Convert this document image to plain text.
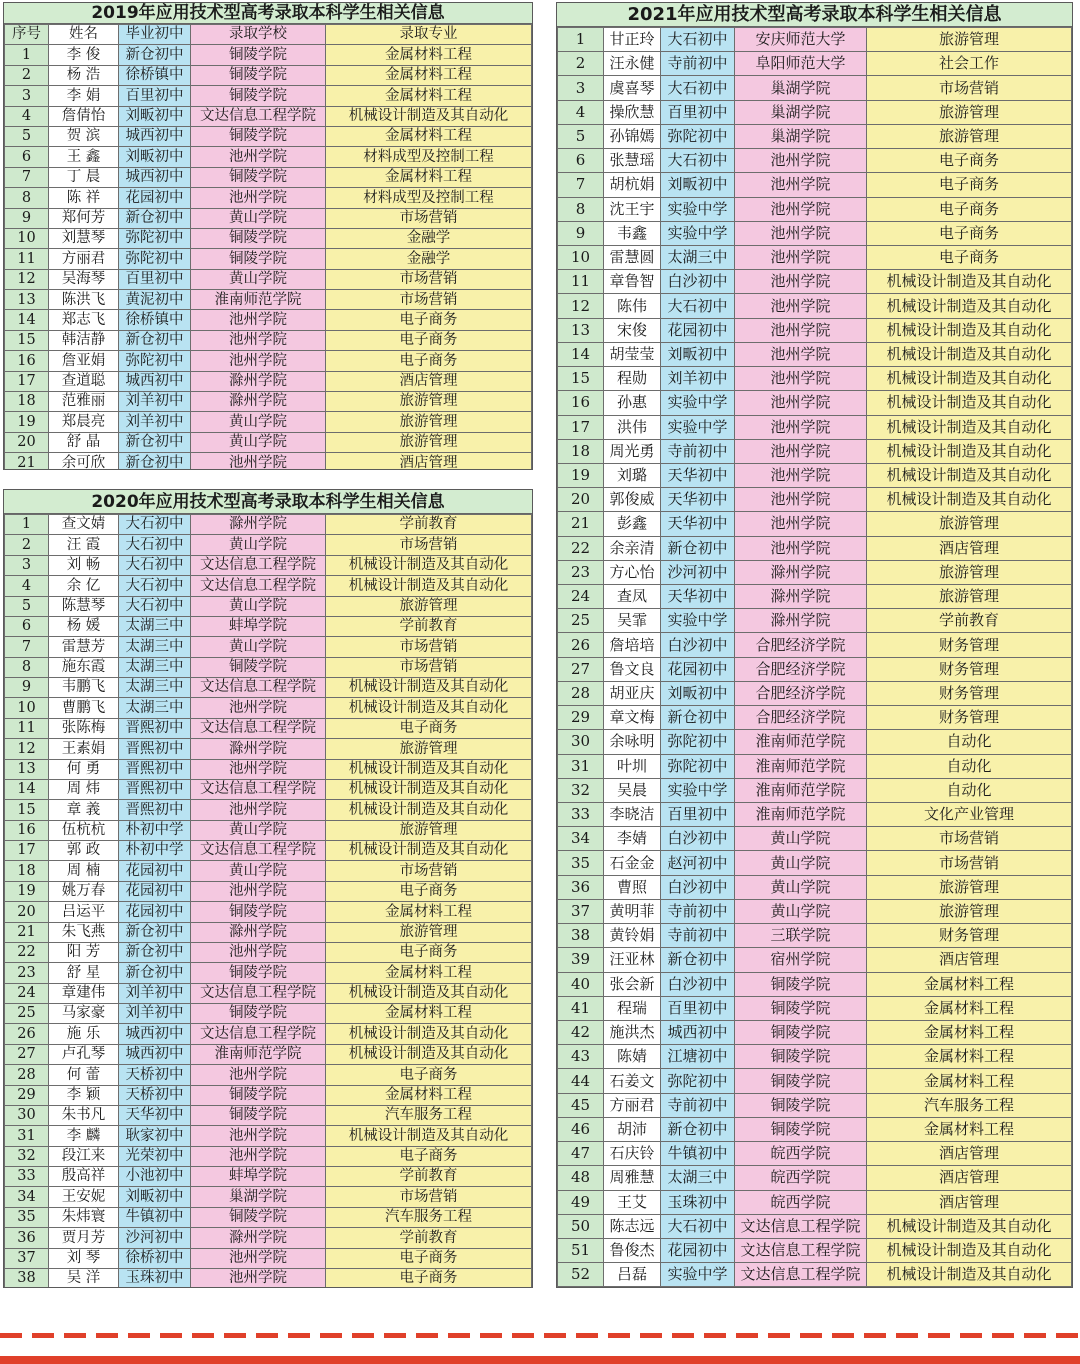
2019年应用技术型高考录取本科学生相关信息
序号	姓名	毕业初中	录取学校	录取专业
1	李 俊	新仓初中	铜陵学院	金属材料工程
2	杨 浩	徐桥镇中	铜陵学院	金属材料工程
3	李 娟	百里初中	铜陵学院	金属材料工程
4	詹倩怡	刘畈初中	文达信息工程学院	机械设计制造及其自动化
5	贺 滨	城西初中	铜陵学院	金属材料工程
6	王 鑫	刘畈初中	池州学院	材料成型及控制工程
7	丁 晨	城西初中	铜陵学院	金属材料工程
8	陈 祥	花园初中	池州学院	材料成型及控制工程
9	郑何芳	新仓初中	黄山学院	市场营销
10	刘慧琴	弥陀初中	铜陵学院	金融学
11	方丽君	弥陀初中	铜陵学院	金融学
12	吴海琴	百里初中	黄山学院	市场营销
13	陈洪飞	黄泥初中	淮南师范学院	市场营销
14	郑志飞	徐桥镇中	池州学院	电子商务
15	韩洁静	新仓初中	池州学院	电子商务
16	詹亚娟	弥陀初中	池州学院	电子商务
17	查道聪	城西初中	滁州学院	酒店管理
18	范雅丽	刘羊初中	滁州学院	旅游管理
19	郑晨亮	刘羊初中	黄山学院	旅游管理
20	舒 晶	新仓初中	黄山学院	旅游管理
21	余可欣	新仓初中	池州学院	酒店管理
2020年应用技术型高考录取本科学生相关信息
1	查文婧	大石初中	滁州学院	学前教育
2	汪 霞	大石初中	黄山学院	市场营销
3	刘 畅	大石初中	文达信息工程学院	机械设计制造及其自动化
4	余 亿	大石初中	文达信息工程学院	机械设计制造及其自动化
5	陈慧琴	大石初中	黄山学院	旅游管理
6	杨 媛	太湖三中	蚌埠学院	学前教育
7	雷慧芳	太湖三中	黄山学院	市场营销
8	施东霞	太湖三中	铜陵学院	市场营销
9	韦鹏飞	太湖三中	文达信息工程学院	机械设计制造及其自动化
10	曹鹏飞	太湖三中	池州学院	机械设计制造及其自动化
11	张陈梅	晋熙初中	文达信息工程学院	电子商务
12	王素娟	晋熙初中	滁州学院	旅游管理
13	何 勇	晋熙初中	池州学院	机械设计制造及其自动化
14	周 炜	晋熙初中	文达信息工程学院	机械设计制造及其自动化
15	章 義	晋熙初中	池州学院	机械设计制造及其自动化
16	伍杭杭	朴初中学	黄山学院	旅游管理
17	郭 政	朴初中学	文达信息工程学院	机械设计制造及其自动化
18	周 楠	花园初中	黄山学院	市场营销
19	姚万春	花园初中	池州学院	电子商务
20	吕运平	花园初中	铜陵学院	金属材料工程
21	朱飞燕	新仓初中	滁州学院	旅游管理
22	阳 芳	新仓初中	池州学院	电子商务
23	舒 星	新仓初中	铜陵学院	金属材料工程
24	章建伟	刘羊初中	文达信息工程学院	机械设计制造及其自动化
25	马家豪	刘羊初中	铜陵学院	金属材料工程
26	施 乐	城西初中	文达信息工程学院	机械设计制造及其自动化
27	卢孔琴	城西初中	淮南师范学院	机械设计制造及其自动化
28	何 蕾	天桥初中	池州学院	电子商务
29	李 颖	天桥初中	铜陵学院	金属材料工程
30	朱书凡	天华初中	铜陵学院	汽车服务工程
31	李 麟	耿家初中	池州学院	机械设计制造及其自动化
32	段江来	光荣初中	池州学院	电子商务
33	殷高祥	小池初中	蚌埠学院	学前教育
34	王安妮	刘畈初中	巢湖学院	市场营销
35	朱炜寰	牛镇初中	铜陵学院	汽车服务工程
36	贾月芳	沙河初中	滁州学院	学前教育
37	刘 琴	徐桥初中	池州学院	电子商务
38	吴 洋	玉珠初中	池州学院	电子商务
2021年应用技术型高考录取本科学生相关信息
1	甘正玲	大石初中	安庆师范大学	旅游管理
2	汪永健	寺前初中	阜阳师范大学	社会工作
3	虞喜琴	大石初中	巢湖学院	市场营销
4	操欣慧	百里初中	巢湖学院	旅游管理
5	孙锦嫣	弥陀初中	巢湖学院	旅游管理
6	张慧瑶	大石初中	池州学院	电子商务
7	胡杭娟	刘畈初中	池州学院	电子商务
8	沈王宇	实验中学	池州学院	电子商务
9	韦鑫	实验中学	池州学院	电子商务
10	雷慧圆	太湖三中	池州学院	电子商务
11	章鲁智	白沙初中	池州学院	机械设计制造及其自动化
12	陈伟	大石初中	池州学院	机械设计制造及其自动化
13	宋俊	花园初中	池州学院	机械设计制造及其自动化
14	胡莹莹	刘畈初中	池州学院	机械设计制造及其自动化
15	程勋	刘羊初中	池州学院	机械设计制造及其自动化
16	孙惠	实验中学	池州学院	机械设计制造及其自动化
17	洪伟	实验中学	池州学院	机械设计制造及其自动化
18	周光勇	寺前初中	池州学院	机械设计制造及其自动化
19	刘璐	天华初中	池州学院	机械设计制造及其自动化
20	郭俊威	天华初中	池州学院	机械设计制造及其自动化
21	彭鑫	天华初中	池州学院	旅游管理
22	余亲清	新仓初中	池州学院	酒店管理
23	方心怡	沙河初中	滁州学院	旅游管理
24	查凤	天华初中	滁州学院	旅游管理
25	吴霏	实验中学	滁州学院	学前教育
26	詹培培	白沙初中	合肥经济学院	财务管理
27	鲁文良	花园初中	合肥经济学院	财务管理
28	胡亚庆	刘畈初中	合肥经济学院	财务管理
29	章文梅	新仓初中	合肥经济学院	财务管理
30	余咏明	弥陀初中	淮南师范学院	自动化
31	叶圳	弥陀初中	淮南师范学院	自动化
32	吴晨	实验中学	淮南师范学院	自动化
33	李晓洁	百里初中	淮南师范学院	文化产业管理
34	李婧	白沙初中	黄山学院	市场营销
35	石金金	赵河初中	黄山学院	市场营销
36	曹照	白沙初中	黄山学院	旅游管理
37	黄明菲	寺前初中	黄山学院	旅游管理
38	黄铃娟	寺前初中	三联学院	财务管理
39	汪亚林	新仓初中	宿州学院	酒店管理
40	张会新	白沙初中	铜陵学院	金属材料工程
41	程瑞	百里初中	铜陵学院	金属材料工程
42	施洪杰	城西初中	铜陵学院	金属材料工程
43	陈婧	江塘初中	铜陵学院	金属材料工程
44	石姜文	弥陀初中	铜陵学院	金属材料工程
45	方丽君	寺前初中	铜陵学院	汽车服务工程
46	胡沛	新仓初中	铜陵学院	金属材料工程
47	石庆铃	牛镇初中	皖西学院	酒店管理
48	周雅慧	太湖三中	皖西学院	酒店管理
49	王艾	玉珠初中	皖西学院	酒店管理
50	陈志远	大石初中	文达信息工程学院	机械设计制造及其自动化
51	鲁俊杰	花园初中	文达信息工程学院	机械设计制造及其自动化
52	吕磊	实验中学	文达信息工程学院	机械设计制造及其自动化
